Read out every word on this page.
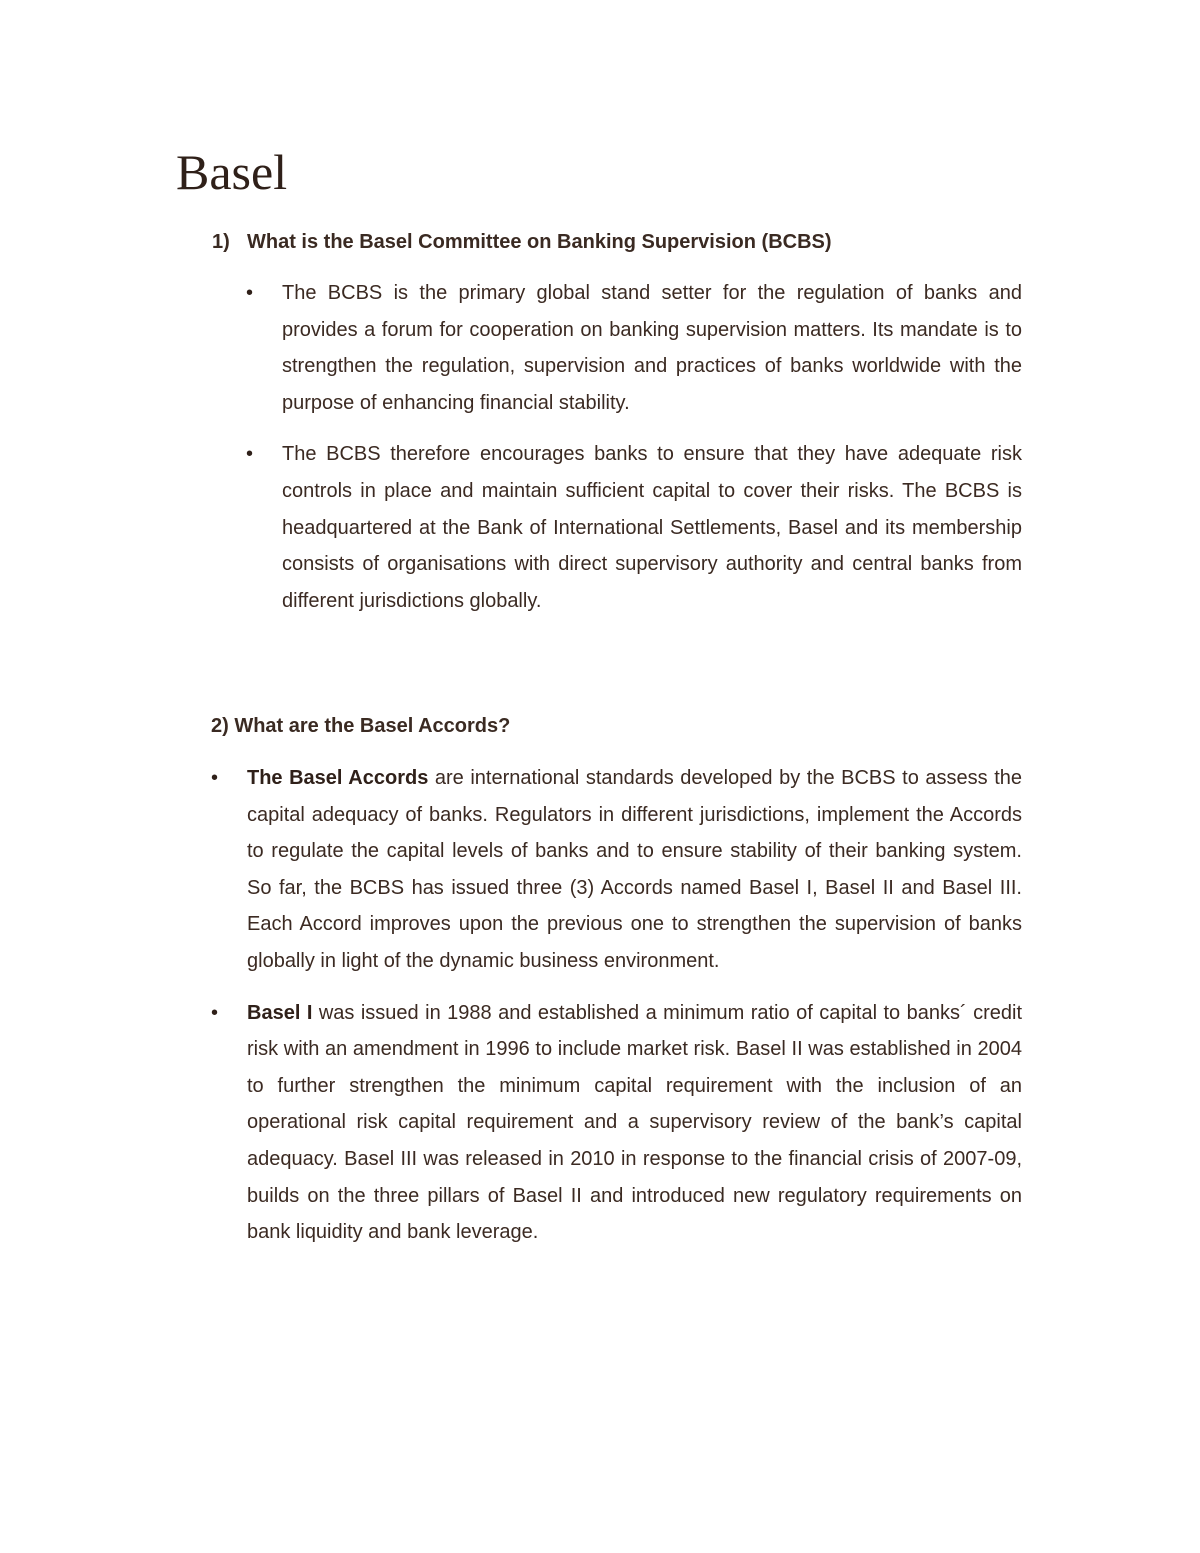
Basel
1) What is the Basel Committee on Banking Supervision (BCBS)
•	The BCBS is the primary global stand setter for the regulation of banks and provides a forum for cooperation on banking supervision matters. Its mandate is to strengthen the regulation, supervision and practices of banks worldwide with the purpose of enhancing financial stability.
•	The BCBS therefore encourages banks to ensure that they have adequate risk controls in place and maintain sufficient capital to cover their risks. The BCBS is headquartered at the Bank of International Settlements, Basel and its membership consists of organisations with direct supervisory authority and central banks from different jurisdictions globally.
2) What are the Basel Accords?
•	The Basel Accords are international standards developed by the BCBS to assess the capital adequacy of banks. Regulators in different jurisdictions, implement the Accords to regulate the capital levels of banks and to ensure stability of their banking system. So far, the BCBS has issued three (3) Accords named Basel I, Basel II and Basel III. Each Accord improves upon the previous one to strengthen the supervision of banks globally in light of the dynamic business environment.
•	Basel I was issued in 1988 and established a minimum ratio of capital to banks´ credit risk with an amendment in 1996 to include market risk. Basel II was established in 2004 to further strengthen the minimum capital requirement with the inclusion of an operational risk capital requirement and a supervisory review of the bank’s capital adequacy. Basel III was released in 2010 in response to the financial crisis of 2007-09, builds on the three pillars of Basel II and introduced new regulatory requirements on bank liquidity and bank leverage.
